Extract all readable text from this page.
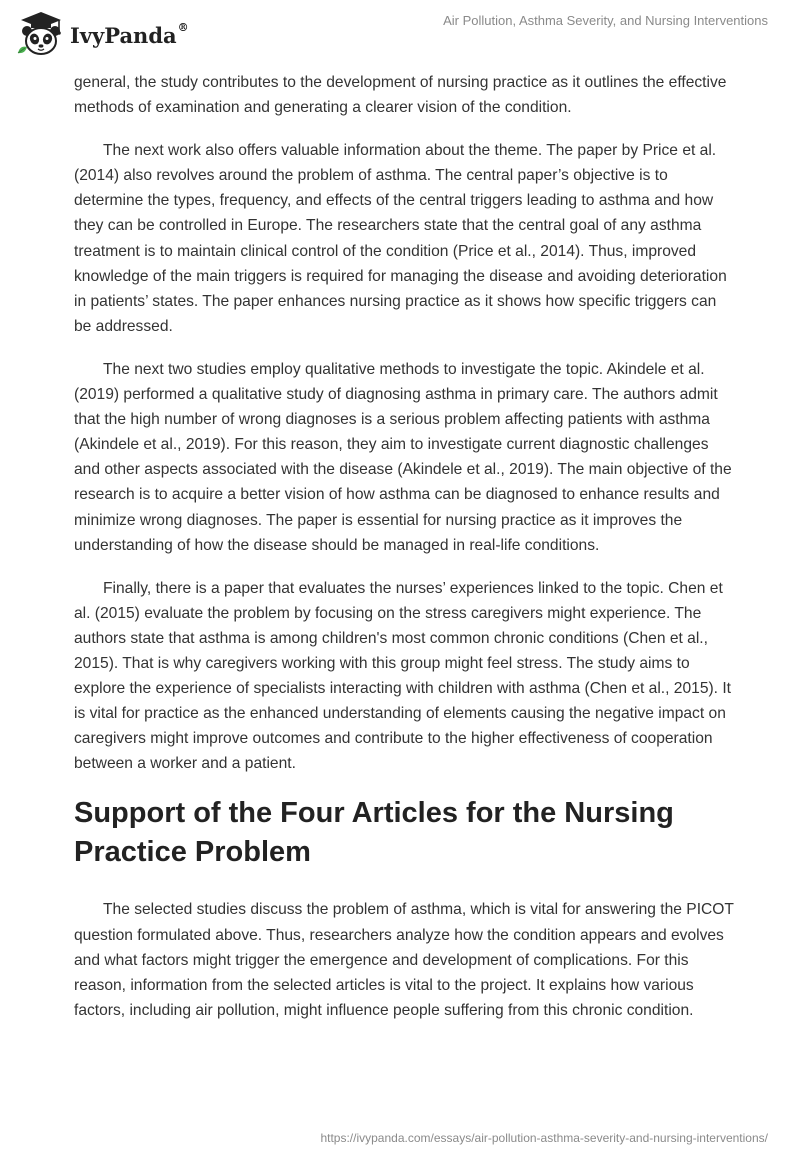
IvyPanda®	Air Pollution, Asthma Severity, and Nursing Interventions

general, the study contributes to the development of nursing practice as it outlines the effective methods of examination and generating a clearer vision of the condition.

The next work also offers valuable information about the theme. The paper by Price et al. (2014) also revolves around the problem of asthma. The central paper’s objective is to determine the types, frequency, and effects of the central triggers leading to asthma and how they can be controlled in Europe. The researchers state that the central goal of any asthma treatment is to maintain clinical control of the condition (Price et al., 2014). Thus, improved knowledge of the main triggers is required for managing the disease and avoiding deterioration in patients’ states. The paper enhances nursing practice as it shows how specific triggers can be addressed.

The next two studies employ qualitative methods to investigate the topic. Akindele et al. (2019) performed a qualitative study of diagnosing asthma in primary care. The authors admit that the high number of wrong diagnoses is a serious problem affecting patients with asthma (Akindele et al., 2019). For this reason, they aim to investigate current diagnostic challenges and other aspects associated with the disease (Akindele et al., 2019). The main objective of the research is to acquire a better vision of how asthma can be diagnosed to enhance results and minimize wrong diagnoses. The paper is essential for nursing practice as it improves the understanding of how the disease should be managed in real-life conditions.

Finally, there is a paper that evaluates the nurses’ experiences linked to the topic. Chen et al. (2015) evaluate the problem by focusing on the stress caregivers might experience. The authors state that asthma is among children's most common chronic conditions (Chen et al., 2015). That is why caregivers working with this group might feel stress. The study aims to explore the experience of specialists interacting with children with asthma (Chen et al., 2015). It is vital for practice as the enhanced understanding of elements causing the negative impact on caregivers might improve outcomes and contribute to the higher effectiveness of cooperation between a worker and a patient.

Support of the Four Articles for the Nursing Practice Problem

The selected studies discuss the problem of asthma, which is vital for answering the PICOT question formulated above. Thus, researchers analyze how the condition appears and evolves and what factors might trigger the emergence and development of complications. For this reason, information from the selected articles is vital to the project. It explains how various factors, including air pollution, might influence people suffering from this chronic condition.

https://ivypanda.com/essays/air-pollution-asthma-severity-and-nursing-interventions/
